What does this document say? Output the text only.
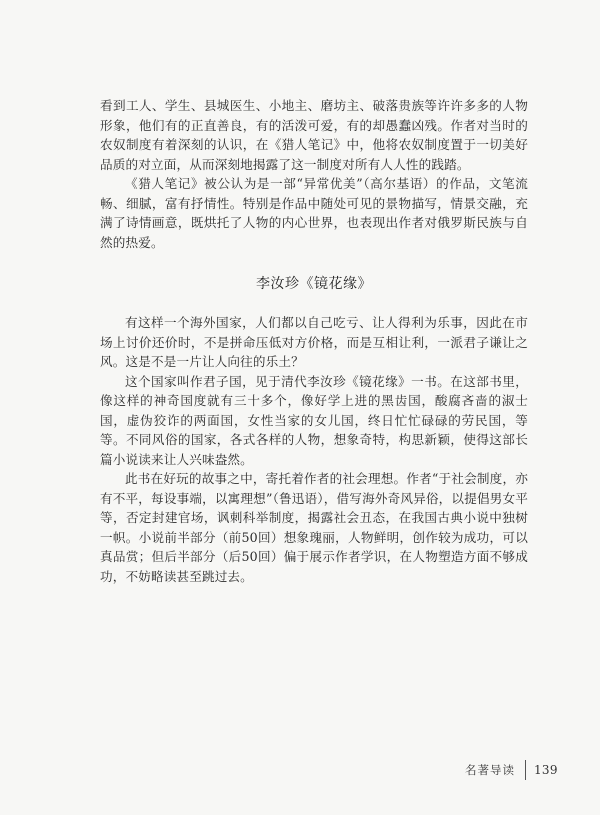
看到工人、学生、县城医生、小地主、磨坊主、破落贵族等许许多多的人物形象，他们有的正直善良，有的活泼可爱，有的却愚蠢凶残。作者对当时的农奴制度有着深刻的认识，在《猎人笔记》中，他将农奴制度置于一切美好品质的对立面，从而深刻地揭露了这一制度对所有人人性的践踏。

《猎人笔记》被公认为是一部“异常优美”（高尔基语）的作品，文笔流畅、细腻，富有抒情性。特别是作品中随处可见的景物描写，情景交融，充满了诗情画意，既烘托了人物的内心世界，也表现出作者对俄罗斯民族与自然的热爱。

李汝珍《镜花缘》

有这样一个海外国家，人们都以自己吃亏、让人得利为乐事，因此在市场上讨价还价时，不是拼命压低对方价格，而是互相让利，一派君子谦让之风。这是不是一片让人向往的乐土？

这个国家叫作君子国，见于清代李汝珍《镜花缘》一书。在这部书里，像这样的神奇国度就有三十多个，像好学上进的黑齿国，酸腐吝啬的淑士国，虚伪狡诈的两面国，女性当家的女儿国，终日忙忙碌碌的劳民国，等等。不同风俗的国家，各式各样的人物，想象奇特，构思新颖，使得这部长篇小说读来让人兴味盎然。

此书在好玩的故事之中，寄托着作者的社会理想。作者“于社会制度，亦有不平，每设事端，以寓理想”（鲁迅语），借写海外奇风异俗，以提倡男女平等，否定封建官场，讽刺科举制度，揭露社会丑态，在我国古典小说中独树一帜。小说前半部分（前50回）想象瑰丽，人物鲜明，创作较为成功，可以真品赏；但后半部分（后50回）偏于展示作者学识，在人物塑造方面不够成功，不妨略读甚至跳过去。

名著导读 139
